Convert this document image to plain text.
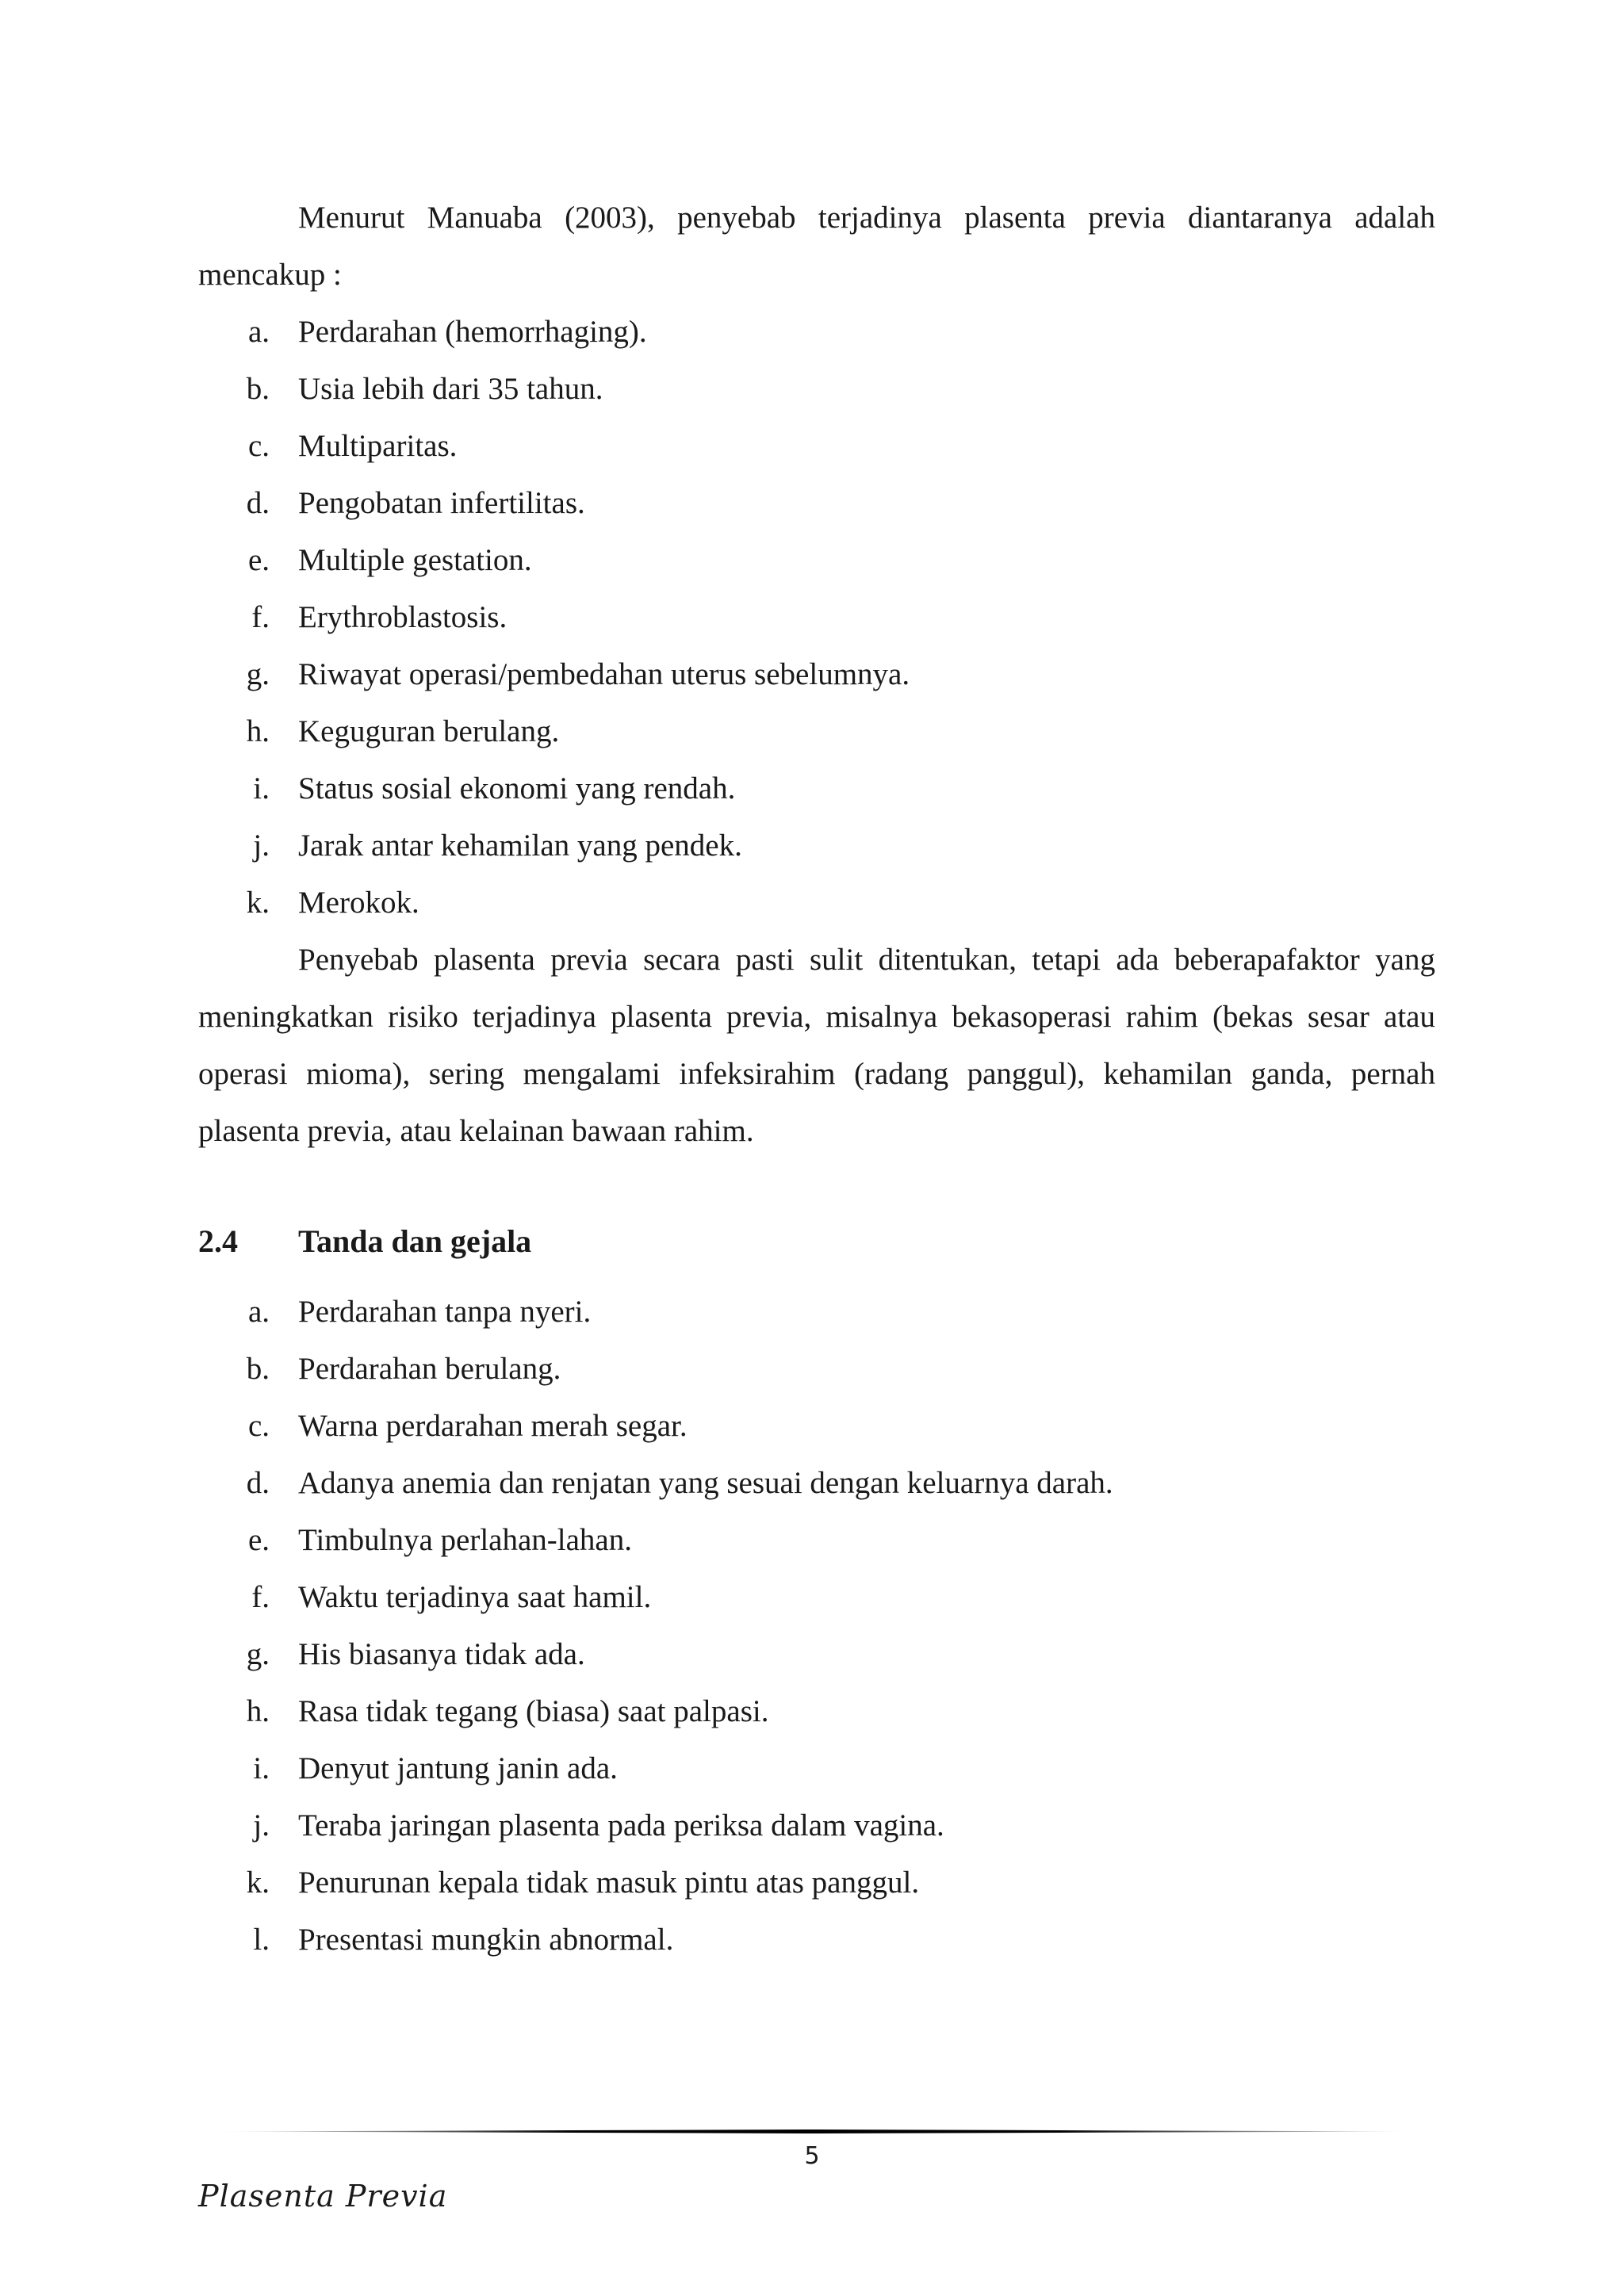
Menurut Manuaba (2003), penyebab terjadinya plasenta previa diantaranya adalah mencakup :

a. Perdarahan (hemorrhaging).
b. Usia lebih dari 35 tahun.
c. Multiparitas.
d. Pengobatan infertilitas.
e. Multiple gestation.
f. Erythroblastosis.
g. Riwayat operasi/pembedahan uterus sebelumnya.
h. Keguguran berulang.
i. Status sosial ekonomi yang rendah.
j. Jarak antar kehamilan yang pendek.
k. Merokok.

Penyebab plasenta previa secara pasti sulit ditentukan, tetapi ada beberapafaktor yang meningkatkan risiko terjadinya plasenta previa, misalnya bekasoperasi rahim (bekas sesar atau operasi mioma), sering mengalami infeksirahim (radang panggul), kehamilan ganda, pernah plasenta previa, atau kelainan bawaan rahim.

2.4 Tanda dan gejala
a. Perdarahan tanpa nyeri.
b. Perdarahan berulang.
c. Warna perdarahan merah segar.
d. Adanya anemia dan renjatan yang sesuai dengan keluarnya darah.
e. Timbulnya perlahan-lahan.
f. Waktu terjadinya saat hamil.
g. His biasanya tidak ada.
h. Rasa tidak tegang (biasa) saat palpasi.
i. Denyut jantung janin ada.
j. Teraba jaringan plasenta pada periksa dalam vagina.
k. Penurunan kepala tidak masuk pintu atas panggul.
l. Presentasi mungkin abnormal.
5
Plasenta Previa
